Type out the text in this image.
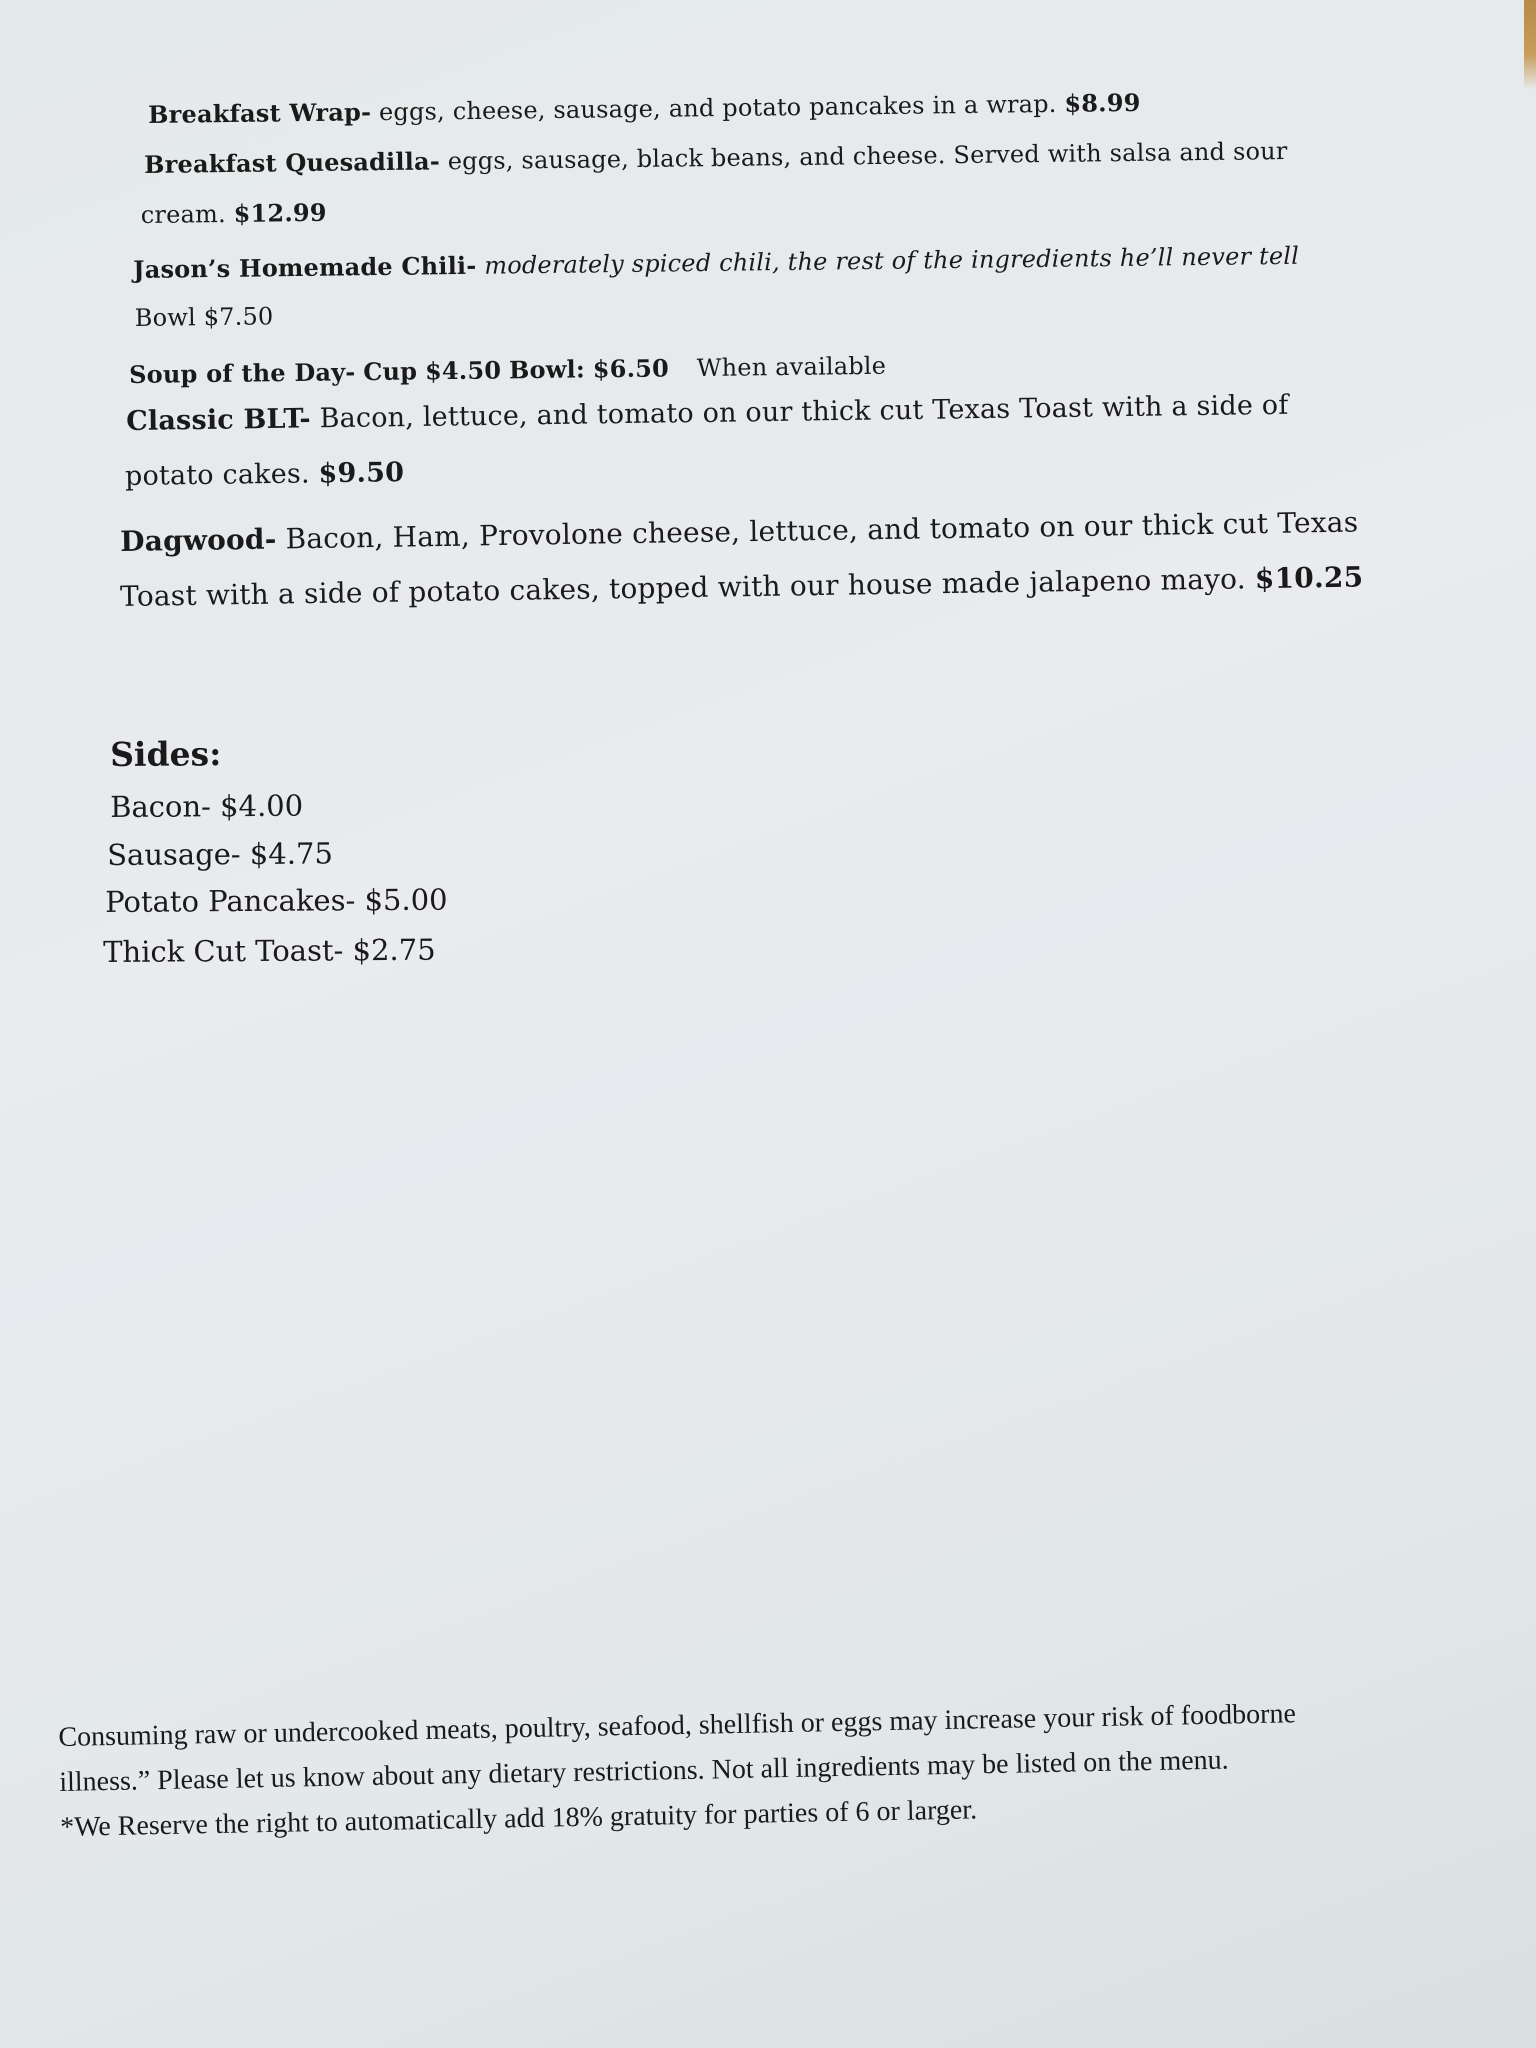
Breakfast Wrap- eggs, cheese, sausage, and potato pancakes in a wrap. $8.99
Breakfast Quesadilla- eggs, sausage, black beans, and cheese. Served with salsa and sour
cream. $12.99
Jason’s Homemade Chili- moderately spiced chili, the rest of the ingredients he’ll never tell
Bowl $7.50
Soup of the Day- Cup $4.50 Bowl: $6.50 When available
Classic BLT- Bacon, lettuce, and tomato on our thick cut Texas Toast with a side of
potato cakes. $9.50
Dagwood- Bacon, Ham, Provolone cheese, lettuce, and tomato on our thick cut Texas
Toast with a side of potato cakes, topped with our house made jalapeno mayo. $10.25
Sides:
Bacon- $4.00
Sausage- $4.75
Potato Pancakes- $5.00
Thick Cut Toast- $2.75
Consuming raw or undercooked meats, poultry, seafood, shellfish or eggs may increase your risk of foodborne
illness.” Please let us know about any dietary restrictions. Not all ingredients may be listed on the menu.
*We Reserve the right to automatically add 18% gratuity for parties of 6 or larger.
